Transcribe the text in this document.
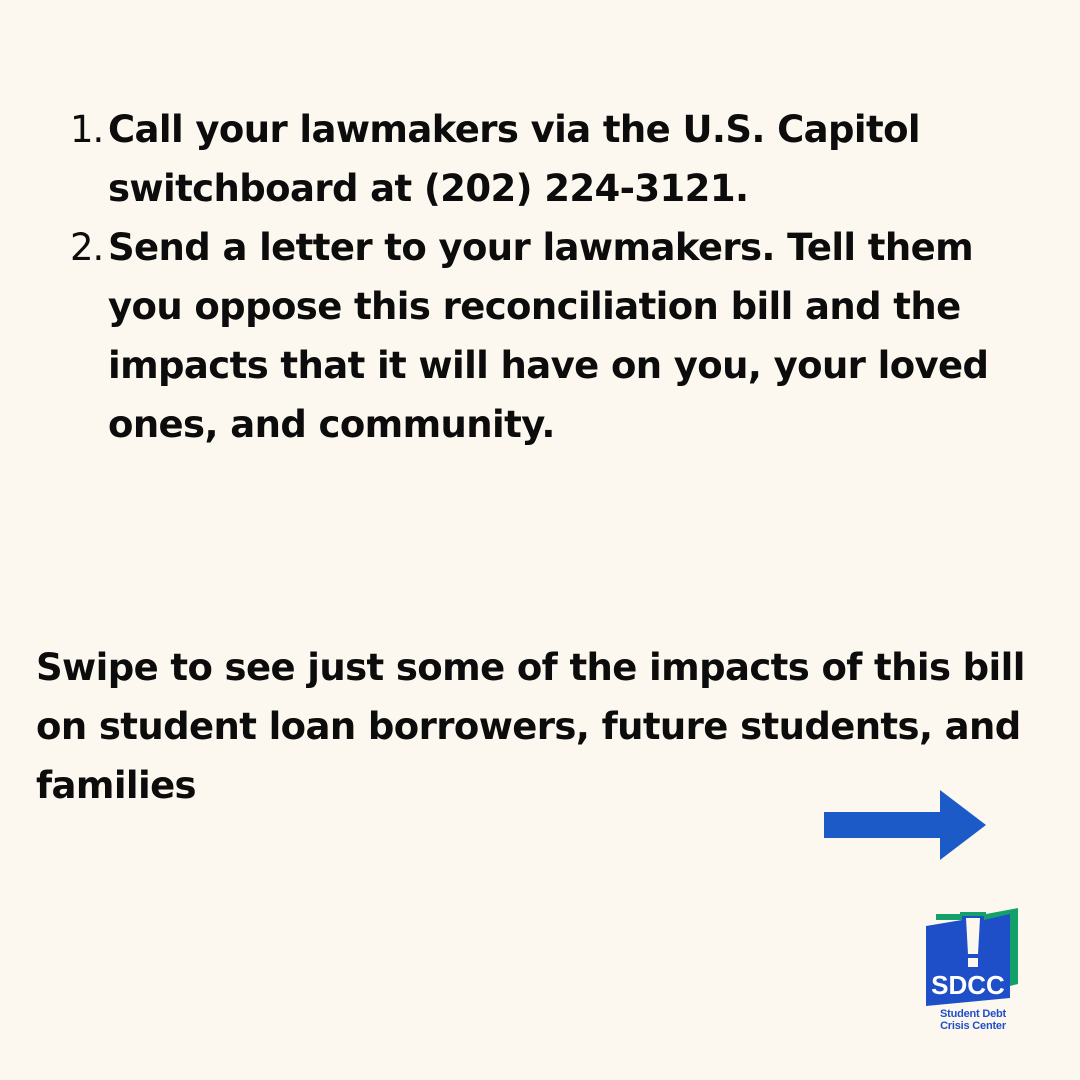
1. Call your lawmakers via the U.S. Capitol switchboard at (202) 224-3121.
2. Send a letter to your lawmakers. Tell them you oppose this reconciliation bill and the impacts that it will have on you, your loved ones, and community.

Swipe to see just some of the impacts of this bill on student loan borrowers, future students, and families

SDCC
Student Debt
Crisis Center
